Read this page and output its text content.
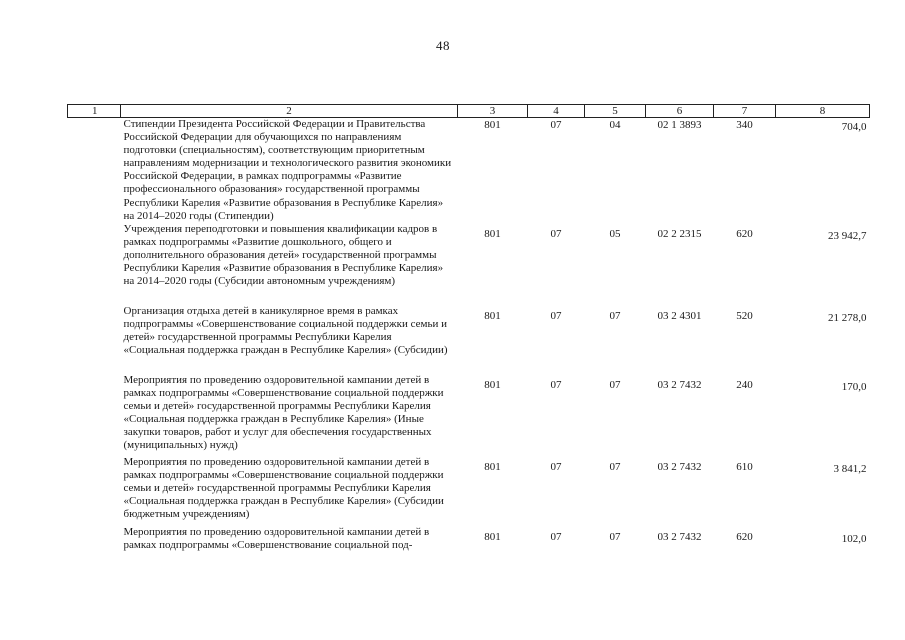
48
1	2	3	4	5	6	7	8
	Стипендии Президента Российской Федерации и Правительства Российской Федерации для обучающихся по направлениям подготовки (специальностям), соответствующим приоритетным направлениям модернизации и технологического развития экономики Российской Федерации, в рамках подпрограммы «Развитие профессионального образования» государственной программы Республики Карелия «Развитие образования в Республике Карелия» на 2014–2020 годы (Стипендии)	801	07	04	02 1 3893	340	704,0
	Учреждения переподготовки и повышения квалификации кадров в рамках подпрограммы «Развитие дошкольного, общего и дополнительного образования детей» государственной программы Республики Карелия «Развитие образования в Республике Карелия» на 2014–2020 годы (Субсидии автономным учреждениям)	801	07	05	02 2 2315	620	23 942,7
	Организация отдыха детей в каникулярное время в рамках подпрограммы «Совершенствование социальной поддержки семьи и детей» государственной программы Республики Карелия «Социальная поддержка граждан в Республике Карелия» (Субсидии)	801	07	07	03 2 4301	520	21 278,0
	Мероприятия по проведению оздоровительной кампании детей в рамках подпрограммы «Совершенствование социальной поддержки семьи и детей» государственной программы Республики Карелия «Социальная поддержка граждан в Республике Карелия» (Иные закупки товаров, работ и услуг для обеспечения государственных (муниципальных) нужд)	801	07	07	03 2 7432	240	170,0
	Мероприятия по проведению оздоровительной кампании детей в рамках подпрограммы «Совершенствование социальной поддержки семьи и детей» государственной программы Республики Карелия «Социальная поддержка граждан в Республике Карелия» (Субсидии бюджетным учреждениям)	801	07	07	03 2 7432	610	3 841,2
	Мероприятия по проведению оздоровительной кампании детей в рамках подпрограммы «Совершенствование социальной под-	801	07	07	03 2 7432	620	102,0
